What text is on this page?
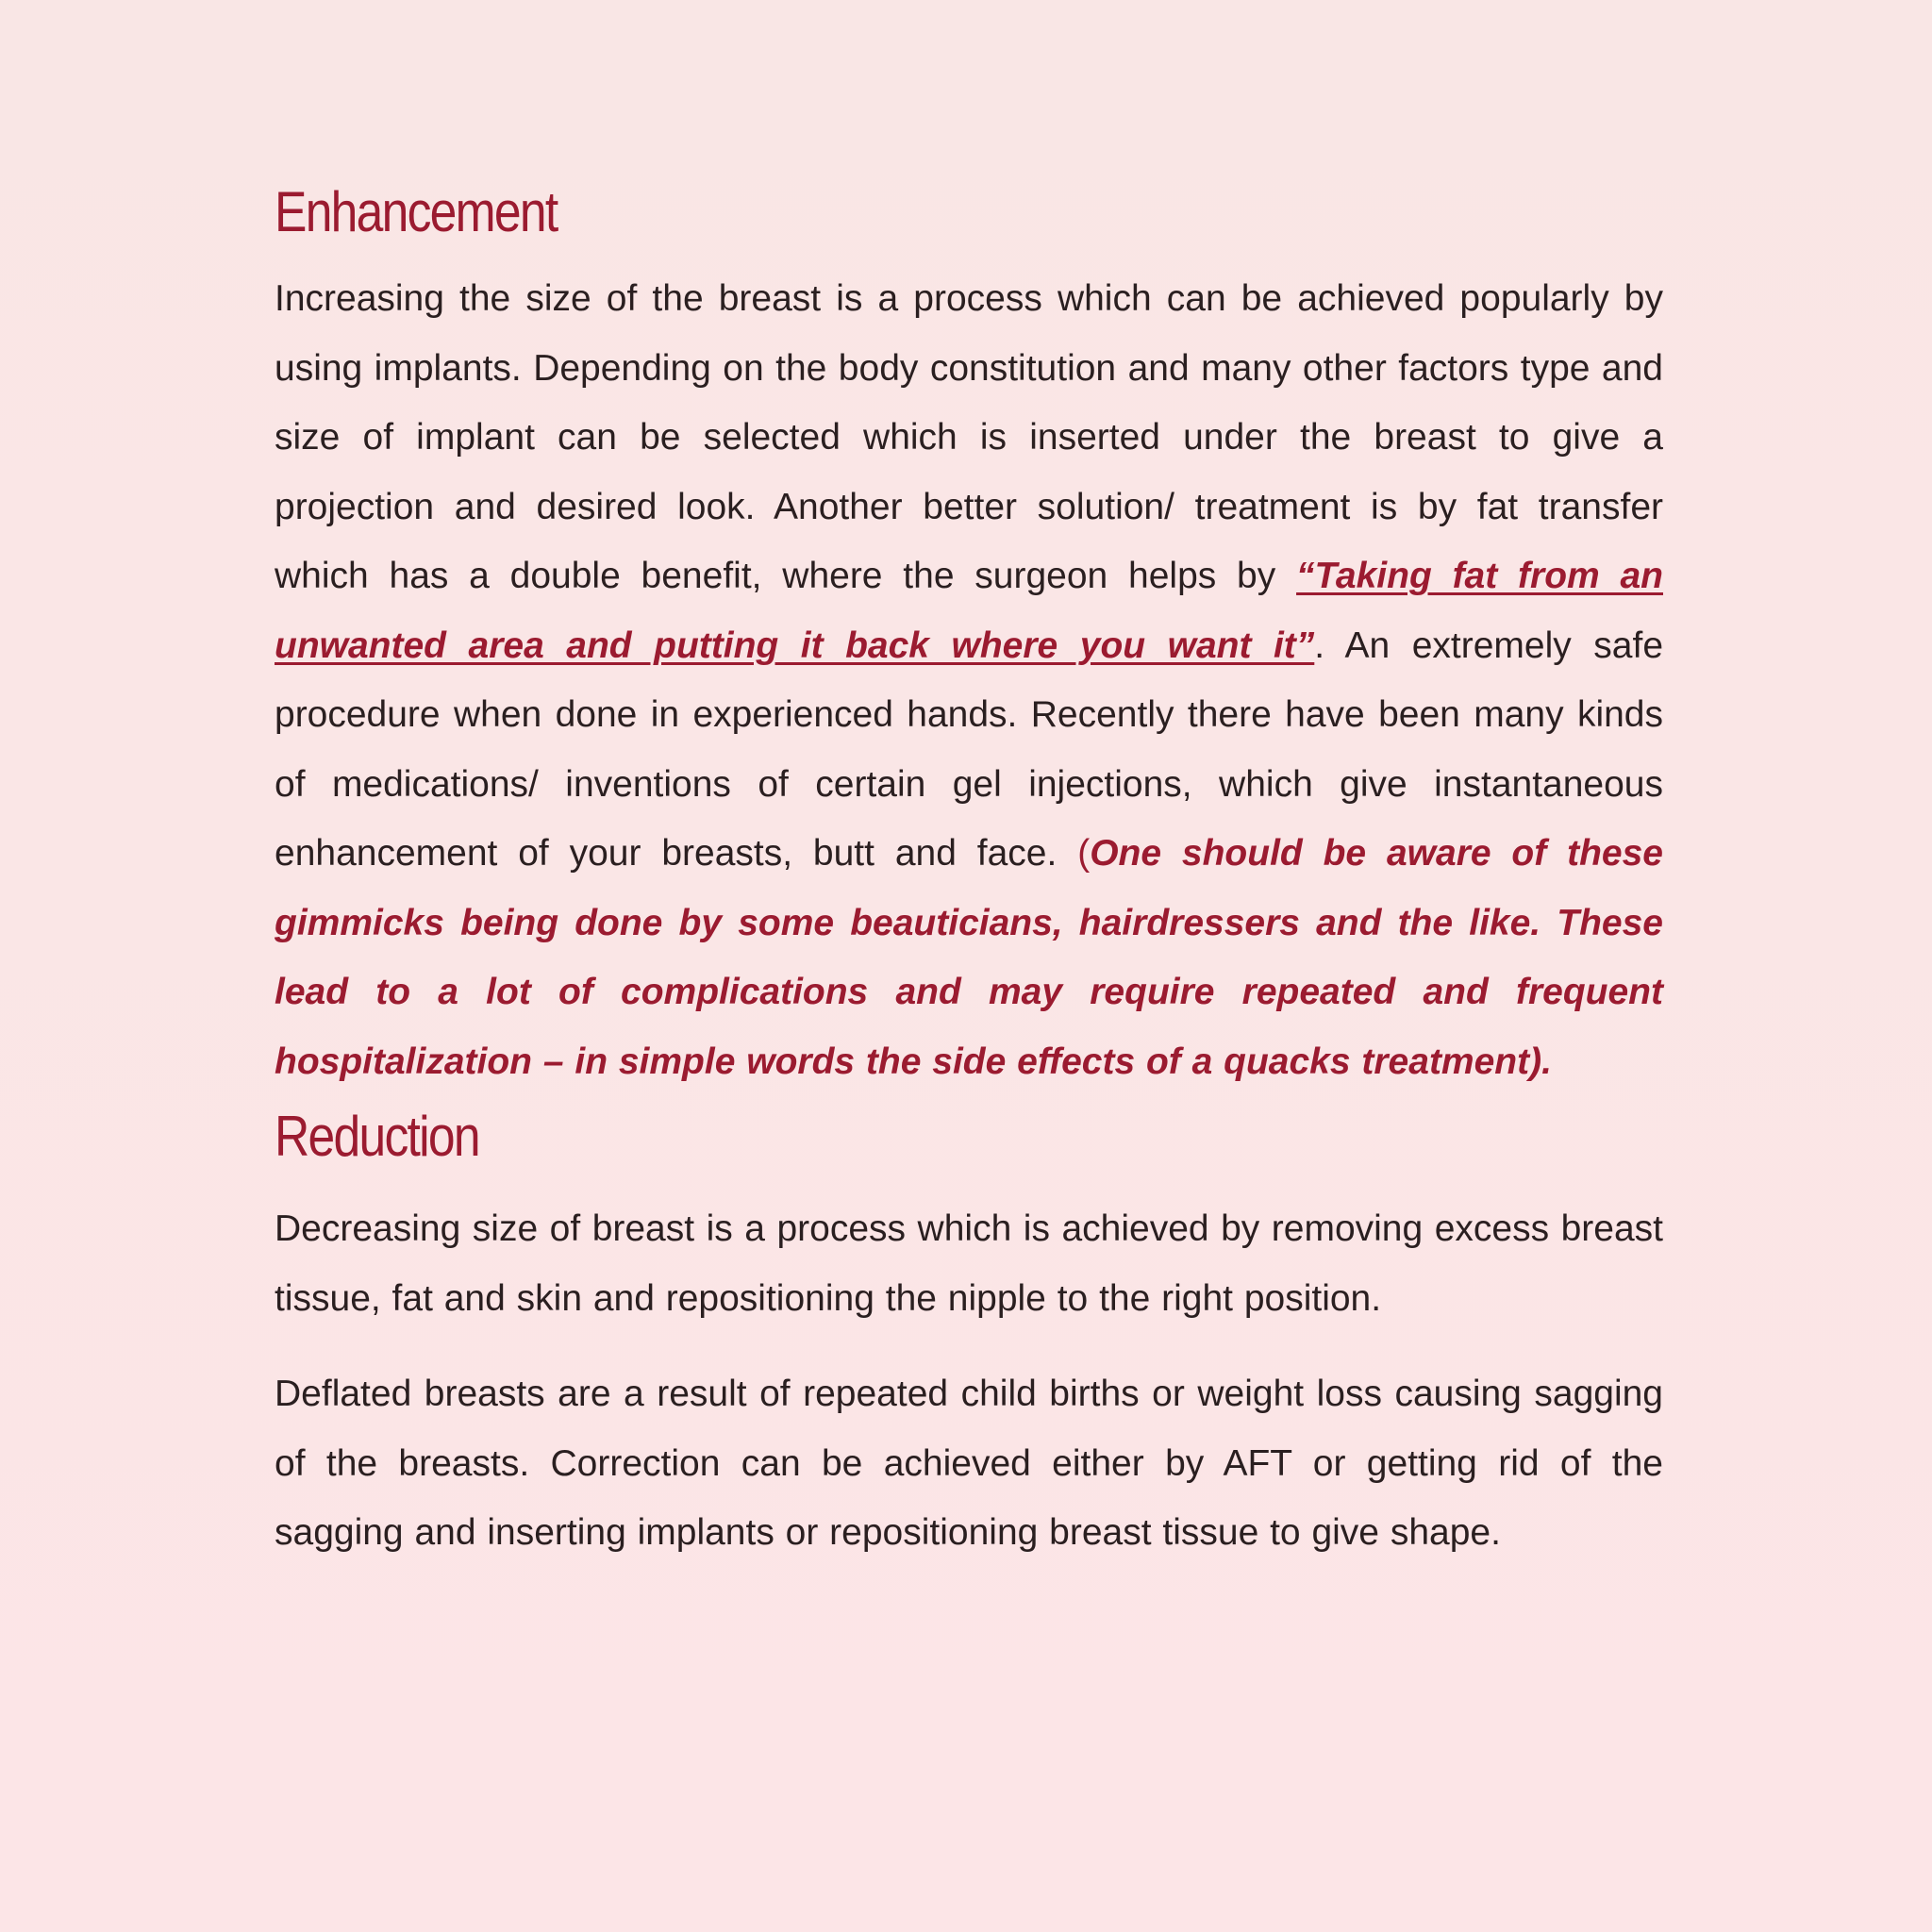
Enhancement

Increasing the size of the breast is a process which can be achieved popularly by using implants. Depending on the body constitution and many other factors type and size of implant can be selected which is inserted under the breast to give a projection and desired look. Another better solution/ treatment is by fat transfer which has a double benefit, where the surgeon helps by “Taking fat from an unwanted area and putting it back where you want it”. An extremely safe procedure when done in experienced hands. Recently there have been many kinds of medications/ inventions of certain gel injections, which give instantaneous enhancement of your breasts, butt and face. (One should be aware of these gimmicks being done by some beauticians, hairdressers and the like. These lead to a lot of complications and may require repeated and frequent hospitalization – in simple words the side effects of a quacks treatment).

Reduction

Decreasing size of breast is a process which is achieved by removing excess breast tissue, fat and skin and repositioning the nipple to the right position.

Deflated breasts are a result of repeated child births or weight loss causing sagging of the breasts. Correction can be achieved either by AFT or getting rid of the sagging and inserting implants or repositioning breast tissue to give shape.
